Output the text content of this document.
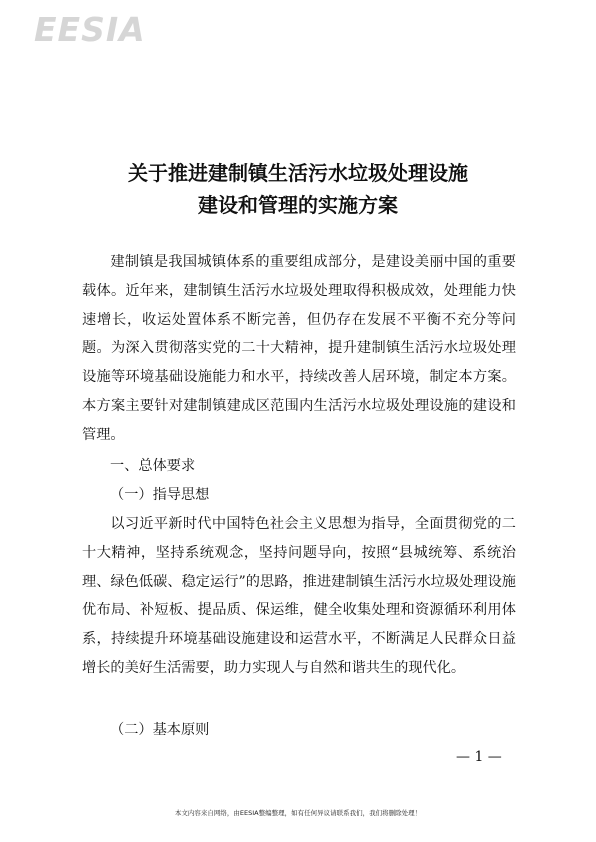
EESIA
关于推进建制镇生活污水垃圾处理设施
建设和管理的实施方案

建制镇是我国城镇体系的重要组成部分，是建设美丽中国的重要载体。近年来，建制镇生活污水垃圾处理取得积极成效，处理能力快速增长，收运处置体系不断完善，但仍存在发展不平衡不充分等问题。为深入贯彻落实党的二十大精神，提升建制镇生活污水垃圾处理设施等环境基础设施能力和水平，持续改善人居环境，制定本方案。本方案主要针对建制镇建成区范围内生活污水垃圾处理设施的建设和管理。

一、总体要求
（一）指导思想

以习近平新时代中国特色社会主义思想为指导，全面贯彻党的二十大精神，坚持系统观念，坚持问题导向，按照“县城统筹、系统治理、绿色低碳、稳定运行”的思路，推进建制镇生活污水垃圾处理设施优布局、补短板、提品质、保运维，健全收集处理和资源循环利用体系，持续提升环境基础设施建设和运营水平，不断满足人民群众日益增长的美好生活需要，助力实现人与自然和谐共生的现代化。

（二）基本原则
— 1 —
本文内容来自网络，由EESIA整编整理，如有任何异议请联系我们，我们将删除处理！
